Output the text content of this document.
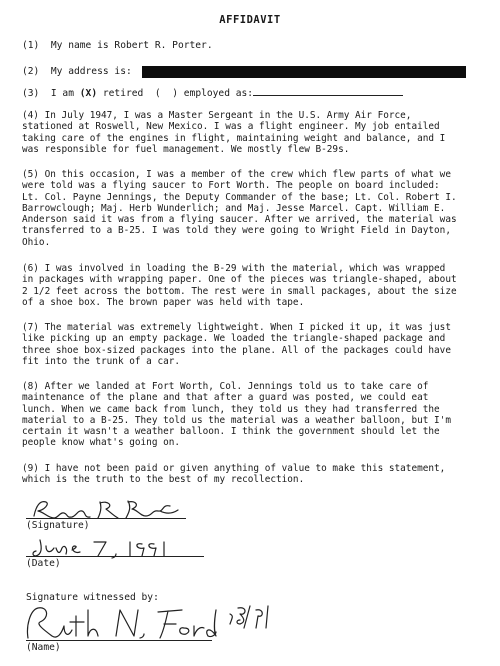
AFFIDAVIT
(1)  My name is Robert R. Porter.
(2)  My address is:
(3)  I am (X) retired (  ) employed as:

(4) In July 1947, I was a Master Sergeant in the U.S. Army Air Force,

stationed at Roswell, New Mexico. I was a flight engineer. My job entailed

taking care of the engines in flight, maintaining weight and balance, and I

was responsible for fuel management. We mostly flew B-29s.

(5) On this occasion, I was a member of the crew which flew parts of what we

were told was a flying saucer to Fort Worth. The people on board included:

Lt. Col. Payne Jennings, the Deputy Commander of the base; Lt. Col. Robert I.

Barrowclough; Maj. Herb Wunderlich; and Maj. Jesse Marcel. Capt. William E.

Anderson said it was from a flying saucer. After we arrived, the material was

transferred to a B-25. I was told they were going to Wright Field in Dayton,

Ohio.

(6) I was involved in loading the B-29 with the material, which was wrapped

in packages with wrapping paper. One of the pieces was triangle-shaped, about

2 1/2 feet across the bottom. The rest were in small packages, about the size

of a shoe box. The brown paper was held with tape.

(7) The material was extremely lightweight. When I picked it up, it was just

like picking up an empty package. We loaded the triangle-shaped package and

three shoe box-sized packages into the plane. All of the packages could have

fit into the trunk of a car.

(8) After we landed at Fort Worth, Col. Jennings told us to take care of

maintenance of the plane and that after a guard was posted, we could eat

lunch. When we came back from lunch, they told us they had transferred the

material to a B-25. They told us the material was a weather balloon, but I'm

certain it wasn't a weather balloon. I think the government should let the

people know what's going on.

(9) I have not been paid or given anything of value to make this statement,

which is the truth to the best of my recollection.

(Signature)
(Date)
Signature witnessed by:
(Name)
